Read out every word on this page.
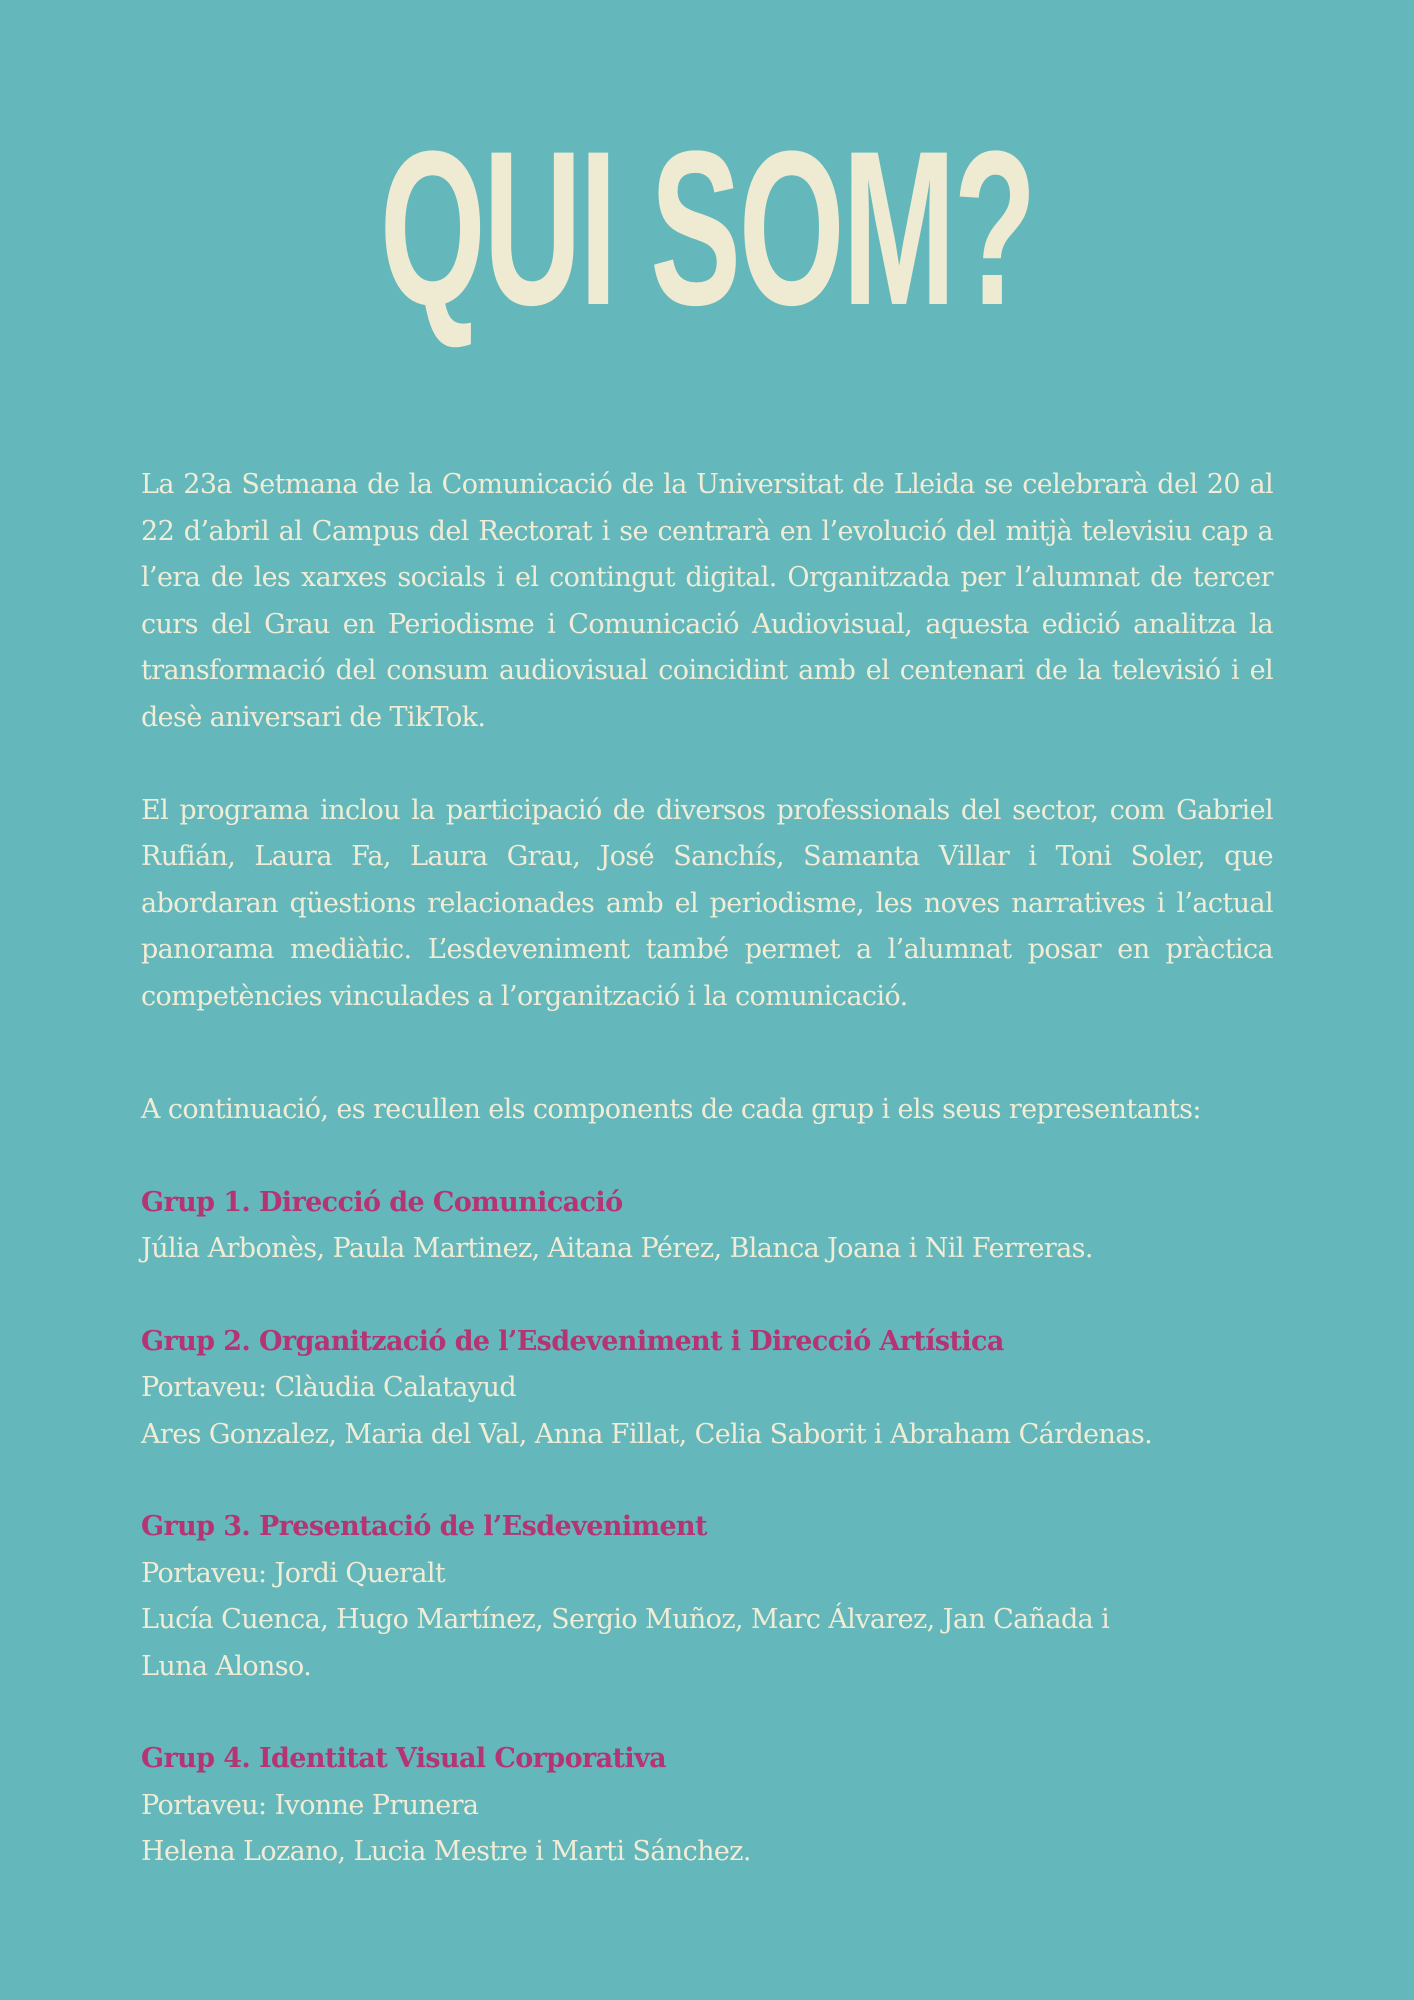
QUI SOM?

La 23a Setmana de la Comunicació de la Universitat de Lleida se celebrarà del 20 al 22 d’abril al Campus del Rectorat i se centrarà en l’evolució del mitjà televisiu cap a l’era de les xarxes socials i el contingut digital. Organitzada per l’alumnat de tercer curs del Grau en Periodisme i Comunicació Audiovisual, aquesta edició analitza la transformació del consum audiovisual coincidint amb el centenari de la televisió i el desè aniversari de TikTok.

El programa inclou la participació de diversos professionals del sector, com Gabriel Rufián, Laura Fa, Laura Grau, José Sanchís, Samanta Villar i Toni Soler, que abordaran qüestions relacionades amb el periodisme, les noves narratives i l’actual panorama mediàtic. L’esdeveniment també permet a l’alumnat posar en pràctica competències vinculades a l’organització i la comunicació.

A continuació, es recullen els components de cada grup i els seus representants:

Grup 1. Direcció de Comunicació

Júlia Arbonès, Paula Martinez, Aitana Pérez, Blanca Joana i Nil Ferreras.

Grup 2. Organització de l’Esdeveniment i Direcció Artística

Portaveu: Clàudia Calatayud

Ares Gonzalez, Maria del Val, Anna Fillat, Celia Saborit i Abraham Cárdenas.

Grup 3. Presentació de l’Esdeveniment

Portaveu: Jordi Queralt

Lucía Cuenca, Hugo Martínez, Sergio Muñoz, Marc Álvarez, Jan Cañada i Luna Alonso.

Grup 4. Identitat Visual Corporativa

Portaveu: Ivonne Prunera

Helena Lozano, Lucia Mestre i Marti Sánchez.
